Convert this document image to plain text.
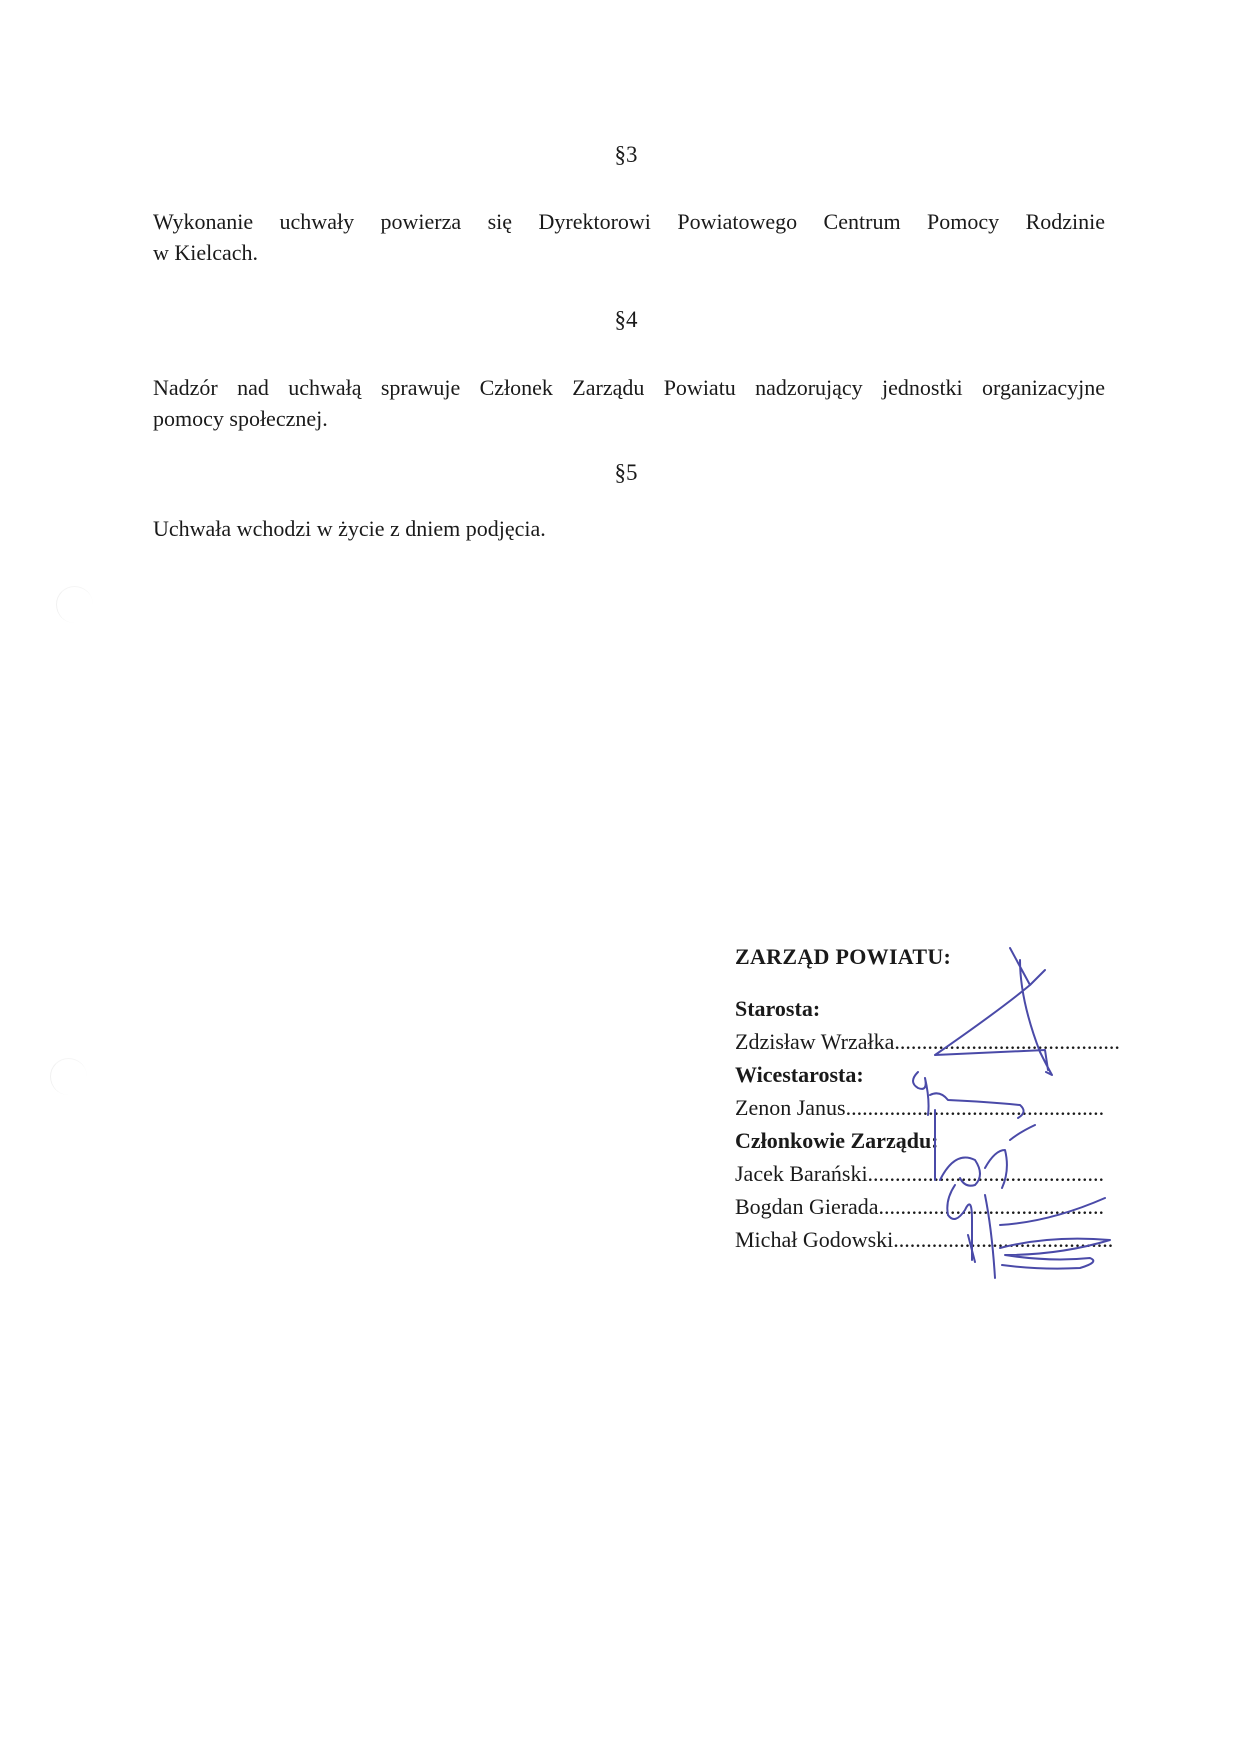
§3
Wykonanie uchwały powierza się Dyrektorowi Powiatowego Centrum Pomocy Rodzinie
w Kielcach.
§4
Nadzór nad uchwałą sprawuje Członek Zarządu Powiatu nadzorujący jednostki organizacyjne
pomocy społecznej.
§5
Uchwała wchodzi w życie z dniem podjęcia.
ZARZĄD POWIATU:
Starosta:
Zdzisław Wrzałka.........................................
Wicestarosta:
Zenon Janus...............................................
Członkowie Zarządu:
Jacek Barański...........................................
Bogdan Gierada.........................................
Michał Godowski........................................
